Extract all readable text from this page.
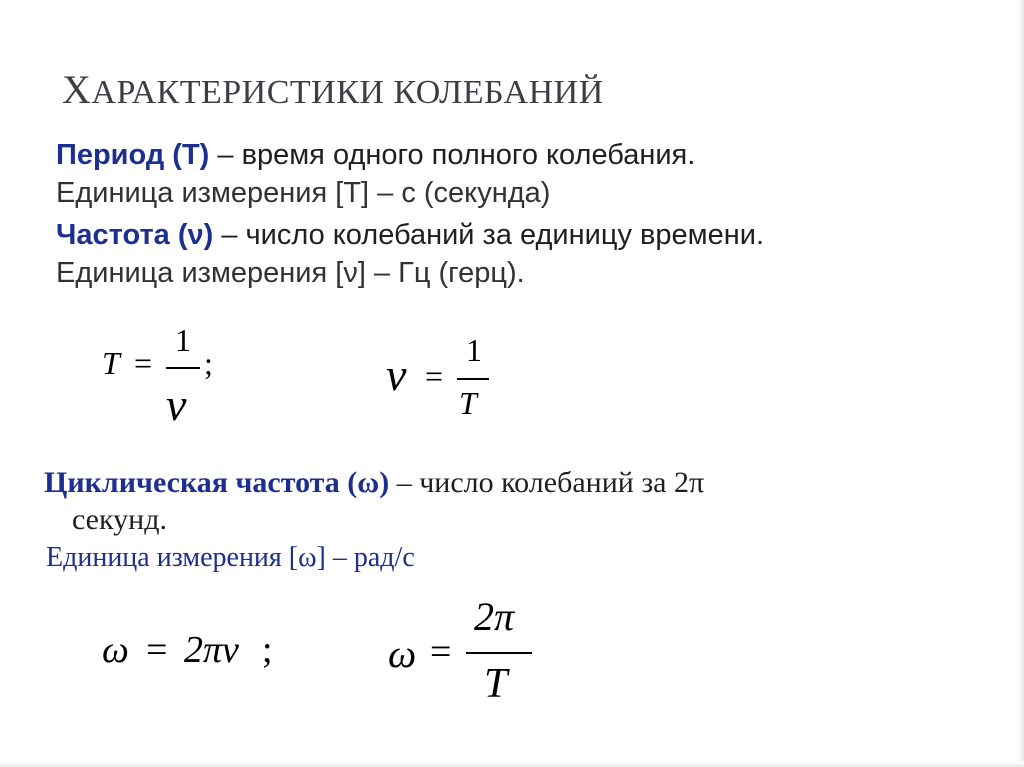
ХАРАКТЕРИСТИКИ КОЛЕБАНИЙ
Период (Т) – время одного полного колебания.
Единица измерения [Т] – с (секунда)
Частота (ν) – число колебаний за единицу времени.
Единица измерения [ν] – Гц (герц).
T =
1
ν
;	ν =
1
T
Циклическая частота (ω) – число колебаний за 2π
секунд.
Единица измерения [ω] – рад/с
ω = 2πν ;	ω =
2π
T
